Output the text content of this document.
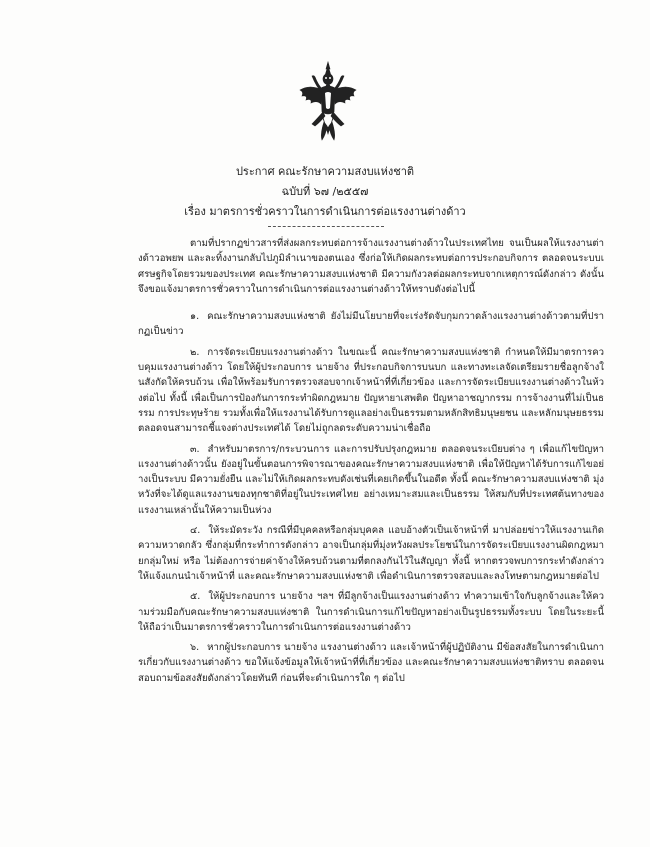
ประกาศ คณะรักษาความสงบแห่งชาติ
ฉบับที่ ๖๗ /๒๕๕๗
เรื่อง มาตรการชั่วคราวในการดำเนินการต่อแรงงานต่างด้าว

ตามที่ปรากฏข่าวสารที่ส่งผลกระทบต่อการจ้างแรงงานต่างด้าวในประเทศไทย จนเป็นผลให้แรงงานต่างด้าวอพยพ และละทิ้งงานกลับไปภูมิลำเนาของตนเอง ซึ่งก่อให้เกิดผลกระทบต่อการประกอบกิจการ ตลอดจนระบบเศรษฐกิจโดยรวมของประเทศ คณะรักษาความสงบแห่งชาติ มีความกังวลต่อผลกระทบจากเหตุการณ์ดังกล่าว ดังนั้นจึงขอแจ้งมาตรการชั่วคราวในการดำเนินการต่อแรงงานต่างด้าวให้ทราบดังต่อไปนี้

๑. คณะรักษาความสงบแห่งชาติ ยังไม่มีนโยบายที่จะเร่งรัดจับกุมกวาดล้างแรงงานต่างด้าวตามที่ปรากฏเป็นข่าว

๒. การจัดระเบียบแรงงานต่างด้าว ในขณะนี้ คณะรักษาความสงบแห่งชาติ กำหนดให้มีมาตรการควบคุมแรงงานต่างด้าว โดยให้ผู้ประกอบการ นายจ้าง ที่ประกอบกิจการบนบก และทางทะเลจัดเตรียมรายชื่อลูกจ้างในสังกัดให้ครบถ้วน เพื่อให้พร้อมรับการตรวจสอบจากเจ้าหน้าที่ที่เกี่ยวข้อง และการจัดระเบียบแรงงานต่างด้าวในห้วงต่อไป ทั้งนี้ เพื่อเป็นการป้องกันการกระทำผิดกฎหมาย ปัญหายาเสพติด ปัญหาอาชญากรรม การจ้างงานที่ไม่เป็นธรรม การประทุษร้าย รวมทั้งเพื่อให้แรงงานได้รับการดูแลอย่างเป็นธรรมตามหลักสิทธิมนุษยชน และหลักมนุษยธรรม ตลอดจนสามารถชี้แจงต่างประเทศได้ โดยไม่ถูกลดระดับความน่าเชื่อถือ

๓. สำหรับมาตรการ/กระบวนการ และการปรับปรุงกฎหมาย ตลอดจนระเบียบต่าง ๆ เพื่อแก้ไขปัญหาแรงงานต่างด้าวนั้น ยังอยู่ในขั้นตอนการพิจารณาของคณะรักษาความสงบแห่งชาติ เพื่อให้ปัญหาได้รับการแก้ไขอย่างเป็นระบบ มีความยั่งยืน และไม่ให้เกิดผลกระทบดังเช่นที่เคยเกิดขึ้นในอดีต ทั้งนี้ คณะรักษาความสงบแห่งชาติ มุ่งหวังที่จะได้ดูแลแรงงานของทุกชาติที่อยู่ในประเทศไทย อย่างเหมาะสมและเป็นธรรม ให้สมกับที่ประเทศต้นทางของแรงงานเหล่านั้นให้ความเป็นห่วง

๔. ให้ระมัดระวัง กรณีที่มีบุคคลหรือกลุ่มบุคคล แอบอ้างตัวเป็นเจ้าหน้าที่ มาปล่อยข่าวให้แรงงานเกิดความหวาดกลัว ซึ่งกลุ่มที่กระทำการดังกล่าว อาจเป็นกลุ่มที่มุ่งหวังผลประโยชน์ในการจัดระเบียบแรงงานผิดกฎหมายกลุ่มใหม่ หรือ ไม่ต้องการจ่ายค่าจ้างให้ครบถ้วนตามที่ตกลงกันไว้ในสัญญา ทั้งนี้ หากตรวจพบการกระทำดังกล่าว ให้แจ้งแกนนำเจ้าหน้าที่ และคณะรักษาความสงบแห่งชาติ เพื่อดำเนินการตรวจสอบและลงโทษตามกฎหมายต่อไป

๕. ให้ผู้ประกอบการ นายจ้าง ฯลฯ ที่มีลูกจ้างเป็นแรงงานต่างด้าว ทำความเข้าใจกับลูกจ้างและให้ความร่วมมือกับคณะรักษาความสงบแห่งชาติ ในการดำเนินการแก้ไขปัญหาอย่างเป็นรูปธรรมทั้งระบบ โดยในระยะนี้ ให้ถือว่าเป็นมาตรการชั่วคราวในการดำเนินการต่อแรงงานต่างด้าว

๖. หากผู้ประกอบการ นายจ้าง แรงงานต่างด้าว และเจ้าหน้าที่ผู้ปฏิบัติงาน มีข้อสงสัยในการดำเนินการเกี่ยวกับแรงงานต่างด้าว ขอให้แจ้งข้อมูลให้เจ้าหน้าที่ที่เกี่ยวข้อง และคณะรักษาความสงบแห่งชาติทราบ ตลอดจนสอบถามข้อสงสัยดังกล่าวโดยทันที ก่อนที่จะดำเนินการใด ๆ ต่อไป
